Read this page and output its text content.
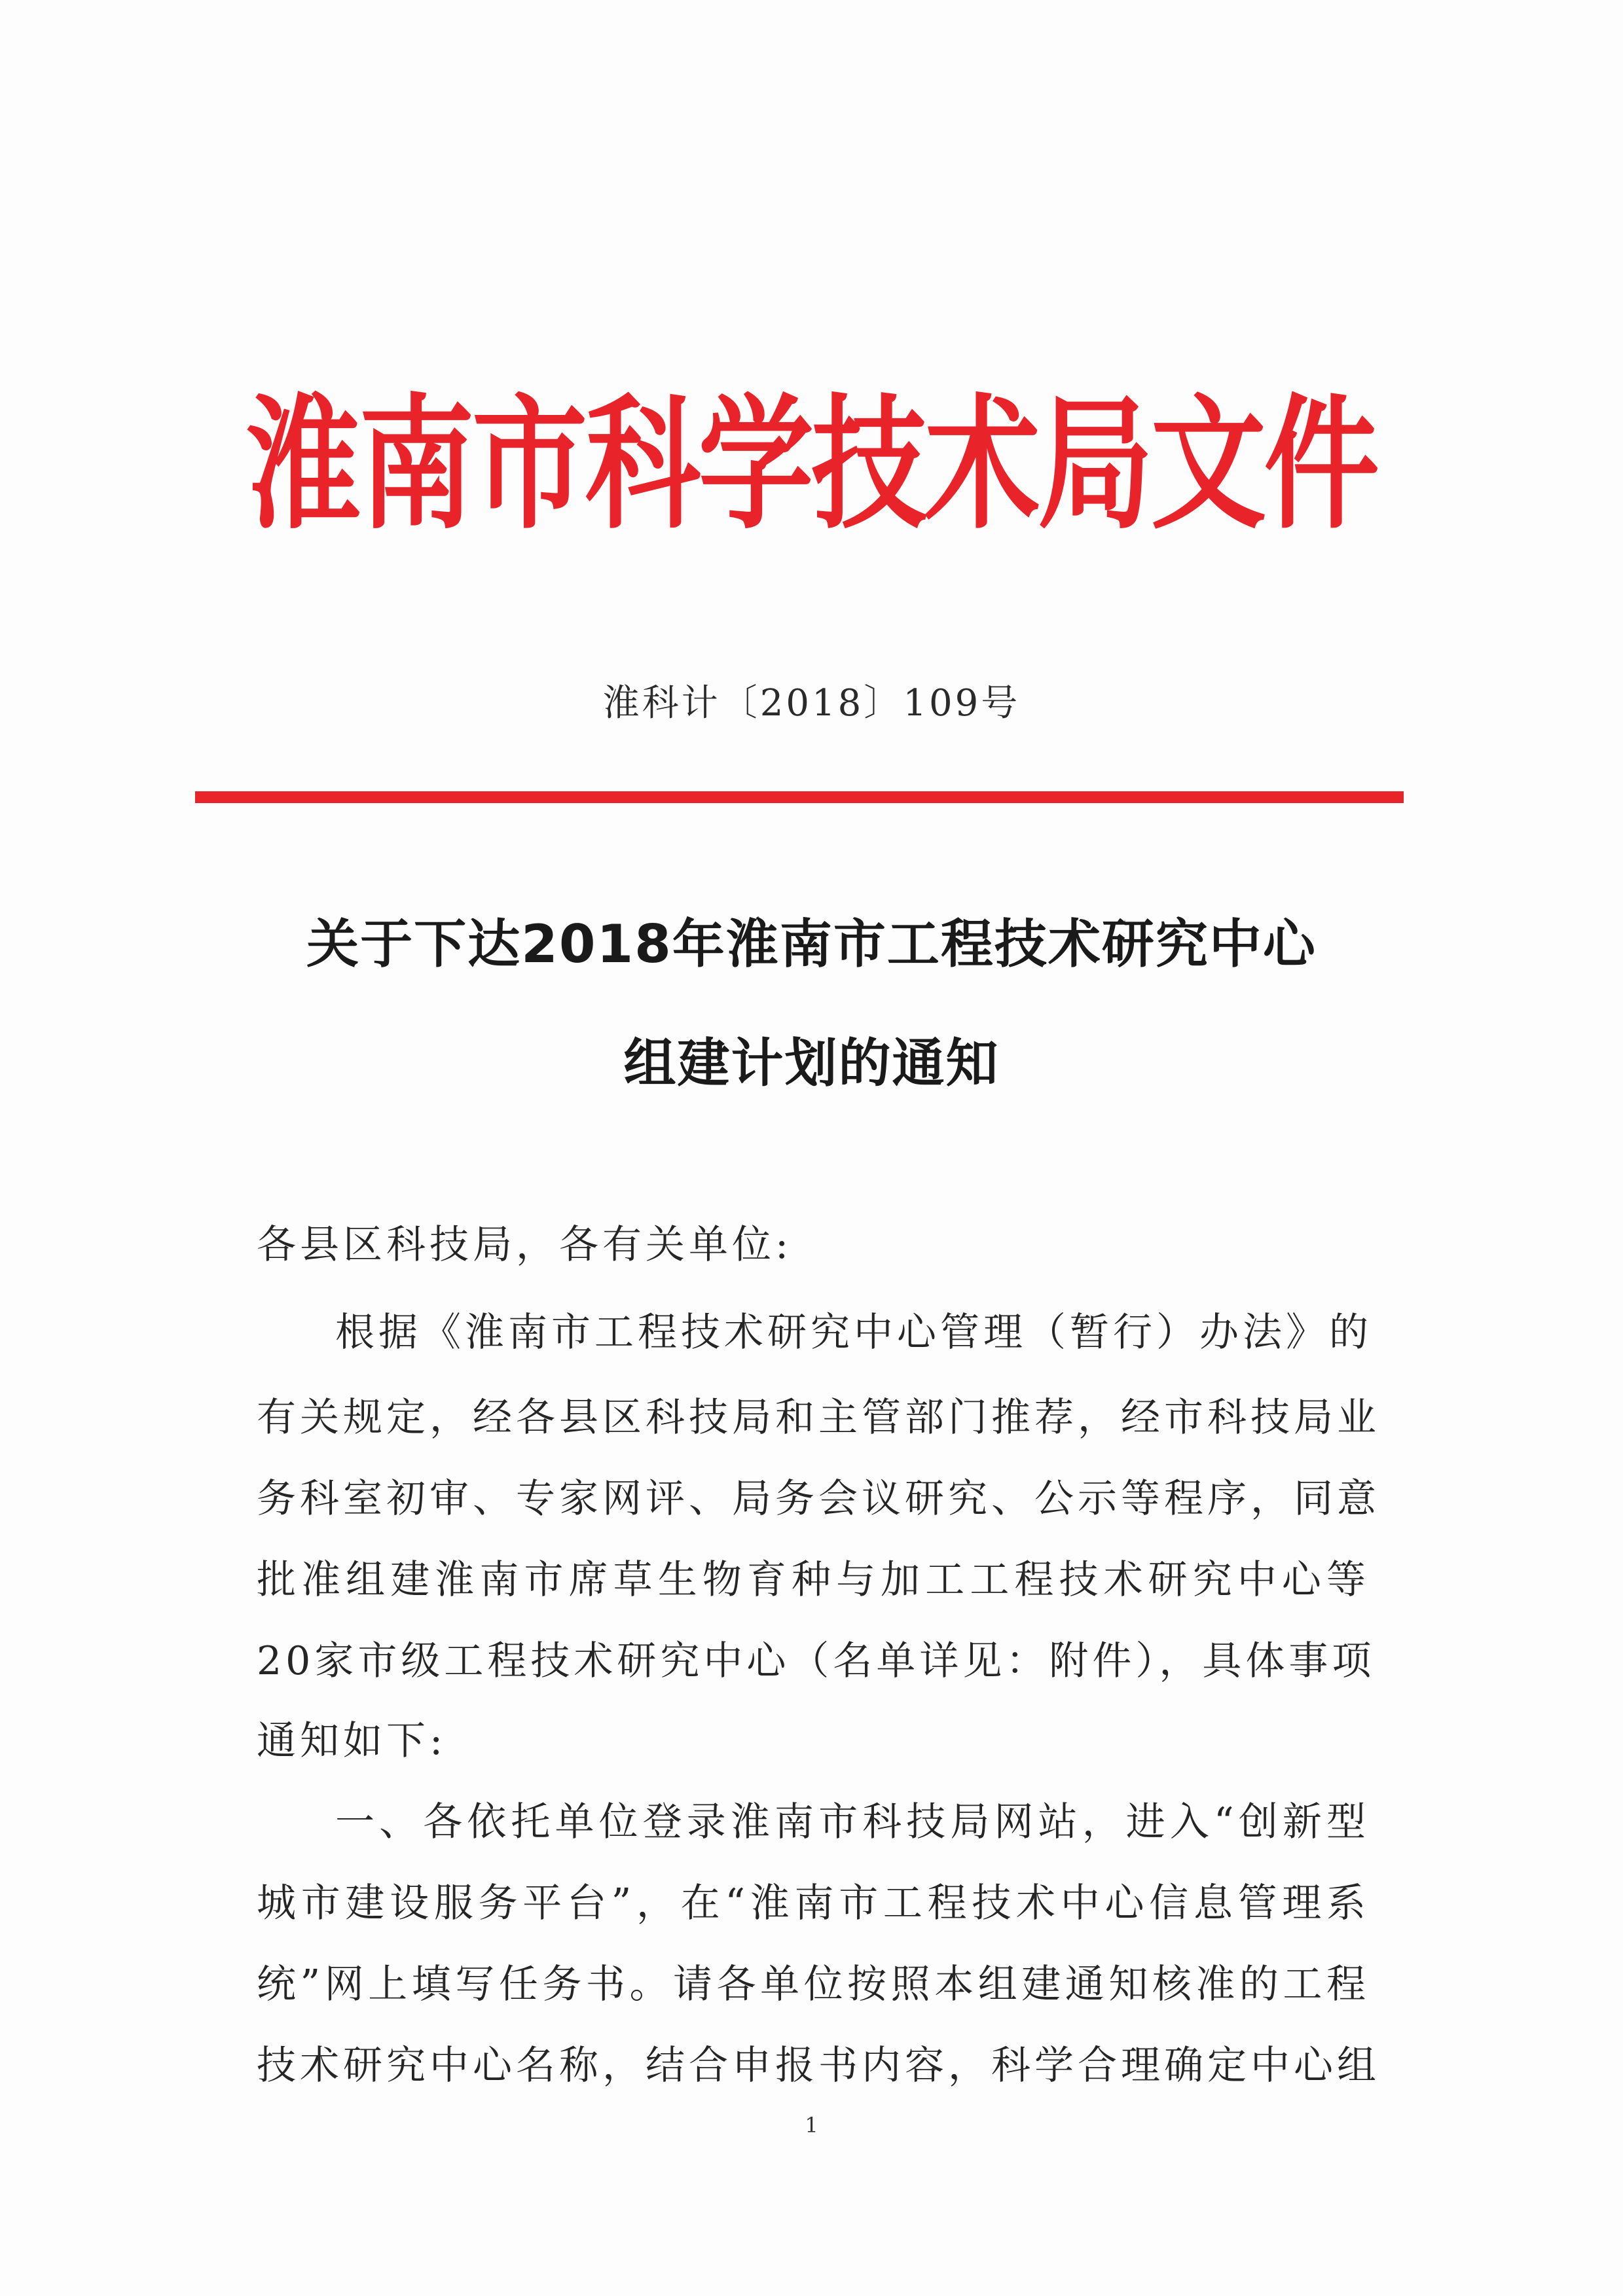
淮南市科学技术局文件
淮科计〔2018〕109号
关于下达2018年淮南市工程技术研究中心
组建计划的通知
各县区科技局，各有关单位:
根据《淮南市工程技术研究中心管理（暂行）办法》的
有关规定，经各县区科技局和主管部门推荐，经市科技局业
务科室初审、专家网评、局务会议研究、公示等程序，同意
批准组建淮南市席草生物育种与加工工程技术研究中心等
20家市级工程技术研究中心（名单详见：附件），具体事项
通知如下:
一、各依托单位登录淮南市科技局网站，进入“创新型
城市建设服务平台”，在“淮南市工程技术中心信息管理系
统”网上填写任务书。请各单位按照本组建通知核准的工程
技术研究中心名称，结合申报书内容，科学合理确定中心组
1
